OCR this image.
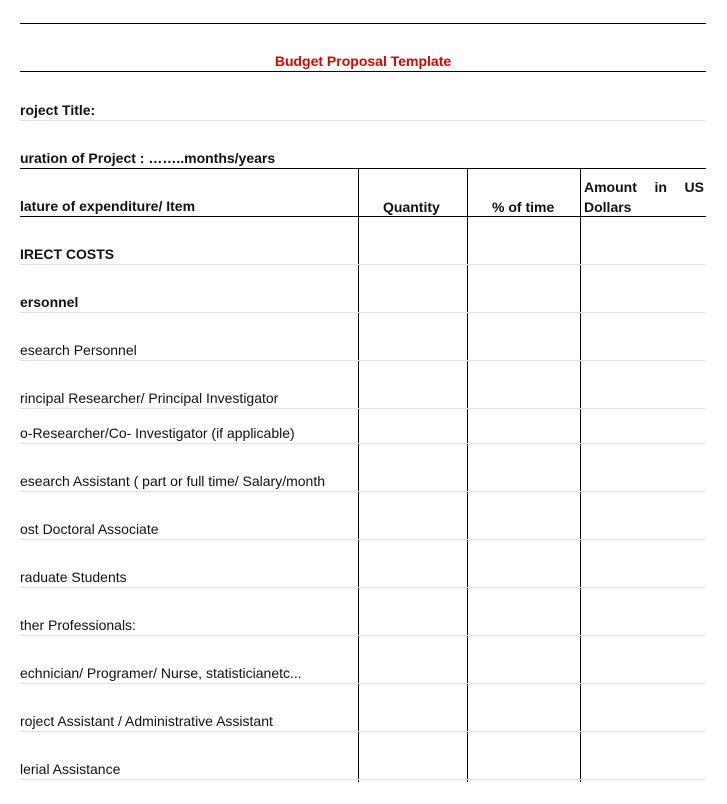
Budget Proposal Template
roject Title:
uration of Project : ……..months/years
lature of expenditure/ Item	Quantity	% of time
Amount in US
Dollars
IRECT COSTS
ersonnel
esearch Personnel
rincipal Researcher/ Principal Investigator
o-Researcher/Co- Investigator (if applicable)
esearch Assistant ( part or full time/ Salary/month
ost Doctoral Associate
raduate Students
ther Professionals:
echnician/ Programer/ Nurse, statisticianetc...
roject Assistant / Administrative Assistant
lerial Assistance
